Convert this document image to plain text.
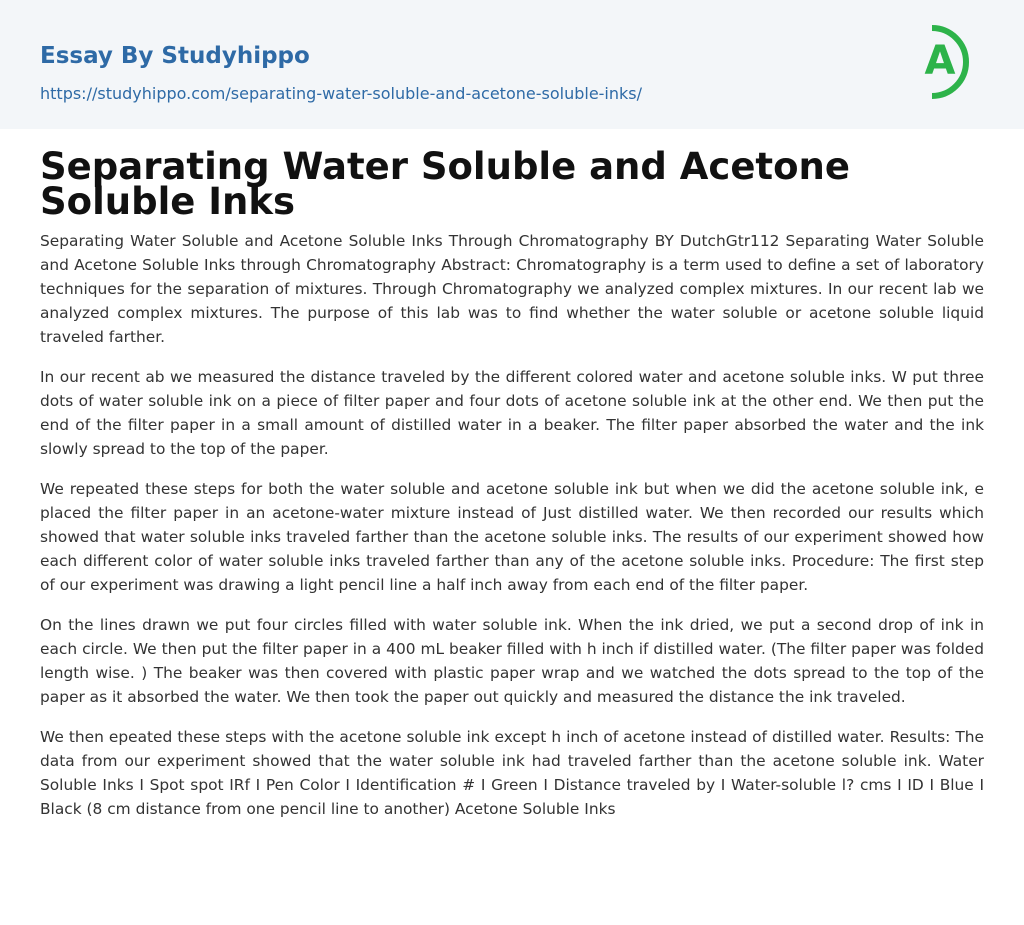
Essay By Studyhippo
https://studyhippo.com/separating-water-soluble-and-acetone-soluble-inks/
A
Separating Water Soluble and Acetone Soluble Inks

Separating Water Soluble and Acetone Soluble Inks Through Chromatography BY DutchGtr112 Separating Water Soluble and Acetone Soluble Inks through Chromatography Abstract: Chromatography is a term used to define a set of laboratory techniques for the separation of mixtures. Through Chromatography we analyzed complex mixtures. In our recent lab we analyzed complex mixtures. The purpose of this lab was to find whether the water soluble or acetone soluble liquid traveled farther.

In our recent ab we measured the distance traveled by the different colored water and acetone soluble inks. W put three dots of water soluble ink on a piece of filter paper and four dots of acetone soluble ink at the other end. We then put the end of the filter paper in a small amount of distilled water in a beaker. The filter paper absorbed the water and the ink slowly spread to the top of the paper.

We repeated these steps for both the water soluble and acetone soluble ink but when we did the acetone soluble ink, e placed the filter paper in an acetone-water mixture instead of Just distilled water. We then recorded our results which showed that water soluble inks traveled farther than the acetone soluble inks. The results of our experiment showed how each different color of water soluble inks traveled farther than any of the acetone soluble inks. Procedure: The first step of our experiment was drawing a light pencil line a half inch away from each end of the filter paper.

On the lines drawn we put four circles filled with water soluble ink. When the ink dried, we put a second drop of ink in each circle. We then put the filter paper in a 400 mL beaker filled with h inch if distilled water. (The filter paper was folded length wise. ) The beaker was then covered with plastic paper wrap and we watched the dots spread to the top of the paper as it absorbed the water. We then took the paper out quickly and measured the distance the ink traveled.

We then epeated these steps with the acetone soluble ink except h inch of acetone instead of distilled water. Results: The data from our experiment showed that the water soluble ink had traveled farther than the acetone soluble ink. Water Soluble Inks I Spot spot IRf I Pen Color I Identification # I Green I Distance traveled by I Water-soluble l? cms I ID I Blue I Black (8 cm distance from one pencil line to another) Acetone Soluble Inks
